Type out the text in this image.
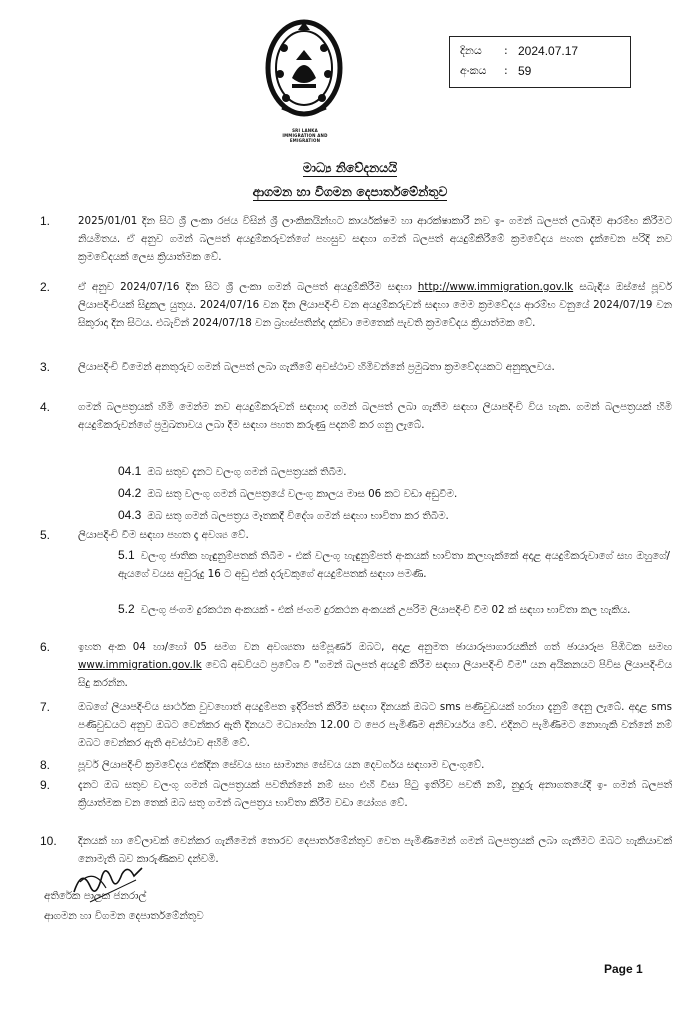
SRI LANKA
IMMIGRATION AND EMIGRATION
දිනය	: 2024.07.17
අංකය	: 59
මාධ්‍ය නිවේදනයයි
ආගමන හා විගමන දෙපාර්තමේන්තුව
1.	2025/01/01 දින සිට ශ්‍රී ලංකා රජය විසින් ශ්‍රී ලාංකිකයින්හට කාර්යක්ෂම හා ආරක්ෂාකාරී නව ඉ- ගමන් බලපත් ලබාදීම ආරම්භ කිරීමට නියමිතය. ඒ අනුව ගමන් බලපත් අයදුම්කරුවන්ගේ පහසුව සඳහා ගමන් බලපත් අයදුම්කිරීමේ ක්‍රමවේදය පහත දැක්වෙන පරිදි නව ක්‍රමවේදයක් ලෙස ක්‍රියාත්මක වේ.
2.	ඒ අනුව 2024/07/16 දින සිට ශ්‍රී ලංකා ගමන් බලපත් අයදුම්කිරීම සඳහා http://www.immigration.gov.lk සබැඳිය ඔස්සේ පූර්ව ලියාපදිංචියක් සිදුකල යුතුය. 2024/07/16 වන දින ලියාපදිංචි වන අයදුම්කරුවන් සඳහා මෙම ක්‍රමවේදය ආරම්භ වනුයේ 2024/07/19 වන සිකුරාදා දින සිටය. එබැවින් 2024/07/18 වන බ්‍රහස්පතින්දා දක්වා මෙතෙක් පැවති ක්‍රමවේදය ක්‍රියාත්මක වේ.
3.	ලියාපදිංචි වීමෙන් අනතුරුව ගමන් බලපත් ලබා ගැනීමේ අවස්ථාව හිමිවන්නේ ප්‍රමුඛතා ක්‍රමවේදයකට අනුකූලවය.
4.	ගමන් බලපත්‍රයක් හිමි මෙන්ම නව අයදුම්කරුවන් සඳහාද ගමන් බලපත් ලබා ගැනීම සඳහා ලියාපදිංචි විය හැක. ගමන් බලපත්‍රයක් හිමි අයදුම්කරුවන්ගේ ප්‍රමුඛතාවය ලබා දීම සඳහා පහත කරුණු පදනම් කර ගනු ලැබේ.
04.1 ඔබ සතුව දැනට වලංගු ගමන් බලපත්‍රයක් තිබීම.
04.2 ඔබ සතු වලංගු ගමන් බලපත්‍රයේ වලංගු කාලය මාස 06 කට වඩා අඩුවීම.
04.3 ඔබ සතු ගමන් බලපත්‍රය මෑතකදී විදේශ ගමන් සඳහා භාවිතා කර තිබීම.
5.	ලියාපදිංචි වීම සඳහා පහත දෑ අවශ්‍ය වේ.
5.1 වලංගු ජාතික හැඳුනුම්පතක් තිබීම - එක් වලංගු හැඳුනුම්පත් අංකයක් භාවිතා කලහැක්කේ අදාළ අයදුම්කරුවාගේ සහ ඔහුගේ/ඇයගේ වයස අවුරුදු 16 ට අඩු එක් දරුවකුගේ අයදුම්පතක් සඳහා පමණි.
5.2 වලංගු ජංගම දුරකථන අංකයක් - එක් ජංගම දුරකථන අංකයක් උපරිම ලියාපදිංචි වීම 02 ක් සඳහා භාවිතා කල හැකිය.
6.	ඉහත අංක 04 හා/හෝ 05 සමග වන අවශ්‍යතා සම්පූර්ණ ඔබට, අදාළ අනුමත ඡායාරූපාගාරයකින් ගත් ඡායාරූප පිඹිටක සමඟ www.immigration.gov.lk වෙබ් අඩවියට ප්‍රවේශ වී "ගමන් බලපත් අයදුම් කිරීම සඳහා ලියාපදිංචි වීම" යන අයිකනයට පිවිස ලියාපදිංචිය සිදු කරන්න.
7.	ඔබගේ ලියාපදිංචිය සාර්ථක වුවහොත් අයදුම්පත ඉදිරිපත් කිරීම සඳහා දිනයක් ඔබට sms පණිවුඩයක් හරහා දැනුම් දෙනු ලැබේ. අදාළ sms පණිවුඩයට අනුව ඔබට වෙන්කර ඇති දිනයට මධ්‍යාහ්න 12.00 ට පෙර පැමිණීම අනිවාර්යය වේ. එදිනට පැමිණීමට නොහැකි වන්නේ නම් ඔබට වෙන්කර ඇති අවස්ථාව අහිමි වේ.
8.	පූර්ව ලියාපදිංචි ක්‍රමවේදය එක්දින සේවය සහ සාමාන්‍ය සේවය යන දෙවර්ගය සඳහාම වලංගුවේ.
9.	දැනට ඔබ සතුව වලංගු ගමන් බලපත්‍රයක් පවතින්නේ නම් සහ එහි වීසා පිටු ඉතිරිව පවතී නම්, නුදුරු අනාගතයේදී ඉ- ගමන් බලපත් ක්‍රියාත්මක වන තෙක් ඔබ සතු ගමන් බලපත්‍රය භාවිතා කිරීම වඩා යෝග්‍ය වේ.
10.	දිනයක් හා වේලාවක් වෙන්කර ගැනීමෙන් තොරව දෙපාර්තමේන්තුව වෙත පැමිණීමෙන් ගමන් බලපත්‍රයක් ලබා ගැනීමට ඔබට හැකියාවක් නොමැති බව කාරුණිකව දන්වමි.
අතිරේක පාලක ජනරාල්
ආගමන හා විගමන දෙපාර්තමේන්තුව
Page 1
